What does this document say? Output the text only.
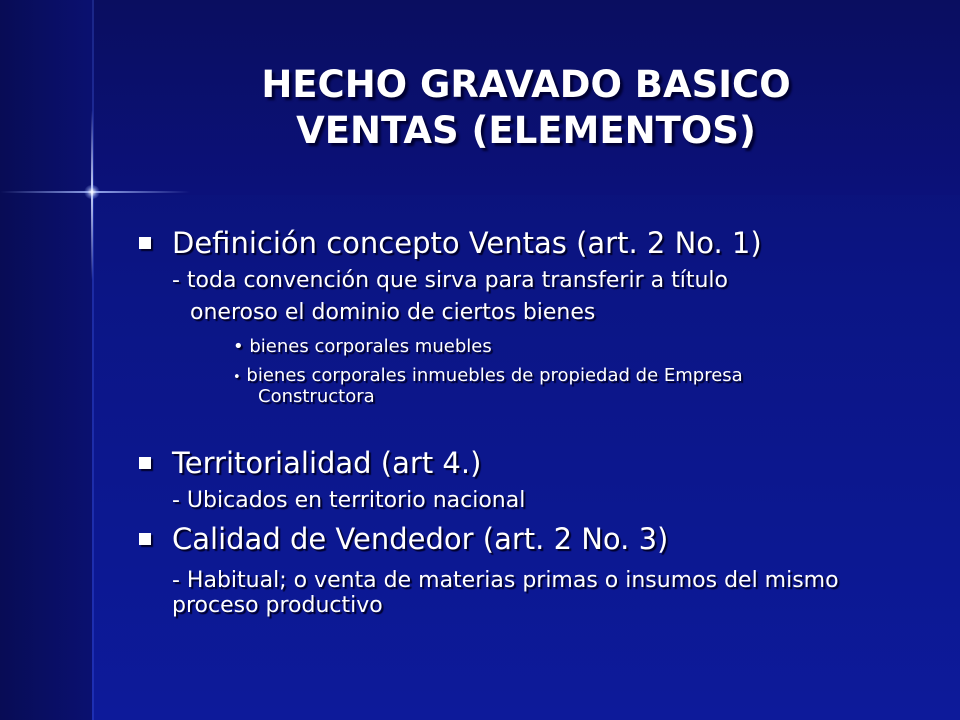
HECHO GRAVADO BASICO
VENTAS (ELEMENTOS)
Definición concepto Ventas (art. 2 No. 1)
- toda convención que sirva para transferir a título
oneroso el dominio de ciertos bienes
• bienes corporales muebles
• bienes corporales inmuebles de propiedad de Empresa
Constructora
Territorialidad (art 4.)
- Ubicados en territorio nacional
Calidad de Vendedor (art. 2 No. 3)
- Habitual; o venta de materias primas o insumos del mismo
proceso productivo
